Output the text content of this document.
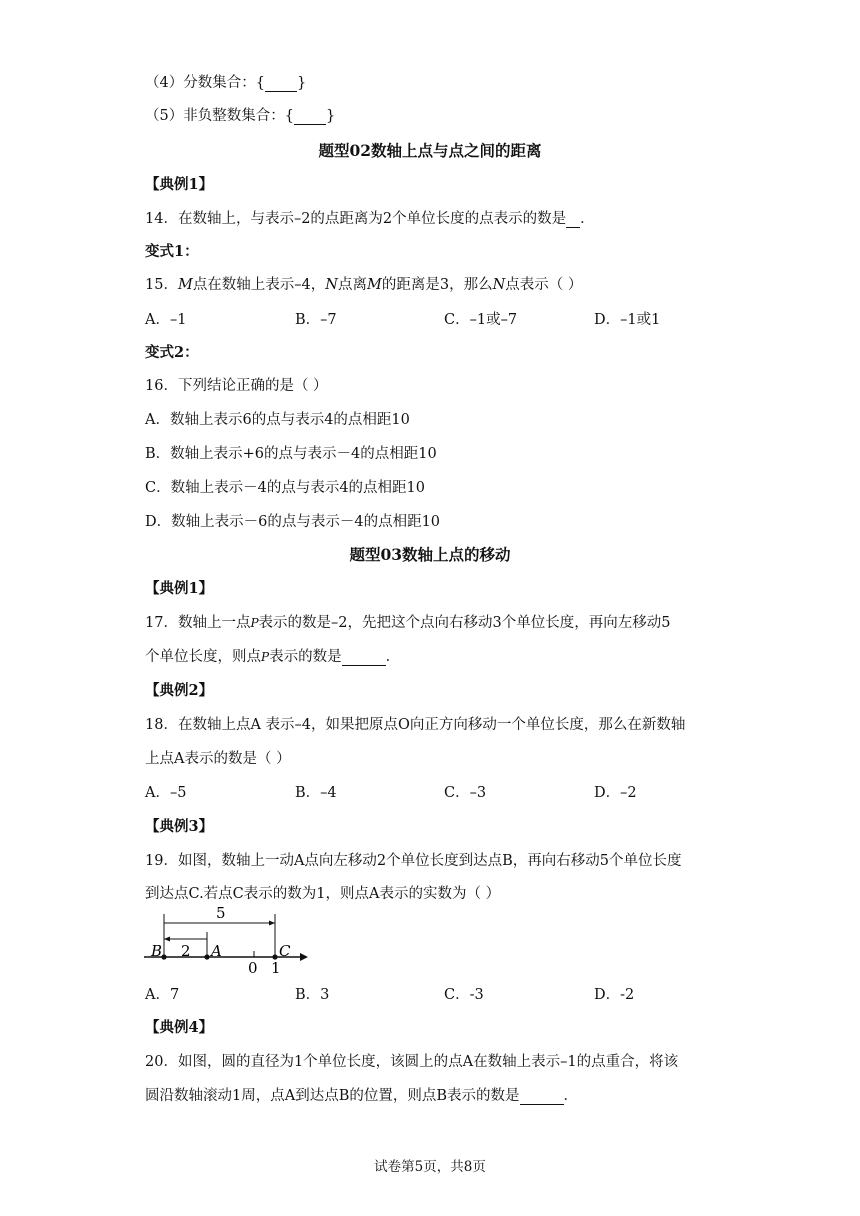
（4）分数集合：{ }
（5）非负整数集合：{ }
题型02数轴上点与点之间的距离
【典例1】
14．在数轴上，与表示–2的点距离为2个单位长度的点表示的数是 ．
变式1：
15．M点在数轴上表示–4，N点离M的距离是3，那么N点表示（ ）
A．–1	B．–7	C．–1或–7	D．–1或1
变式2：
16．下列结论正确的是（ ）
A．数轴上表示6的点与表示4的点相距10
B．数轴上表示+6的点与表示－4的点相距10
C．数轴上表示－4的点与表示4的点相距10
D．数轴上表示－6的点与表示－4的点相距10
题型03数轴上点的移动
【典例1】
17．数轴上一点P表示的数是–2，先把这个点向右移动3个单位长度，再向左移动5
个单位长度，则点P表示的数是	．
【典例2】
18．在数轴上点A 表示–4，如果把原点O向正方向移动一个单位长度，那么在新数轴
上点A表示的数是（ ）
A．–5	B．–4	C．–3	D．–2
【典例3】
19．如图，数轴上一动A点向左移动2个单位长度到达点B，再向右移动5个单位长度
到达点C.若点C表示的数为1，则点A表示的实数为（ ）
5
2
B	A	C
0 1
A．7	B．3	C．-3	D．-2
【典例4】
20．如图，圆的直径为1个单位长度，该圆上的点A在数轴上表示–1的点重合，将该
圆沿数轴滚动1周，点A到达点B的位置，则点B表示的数是	．
试卷第5页，共8页
